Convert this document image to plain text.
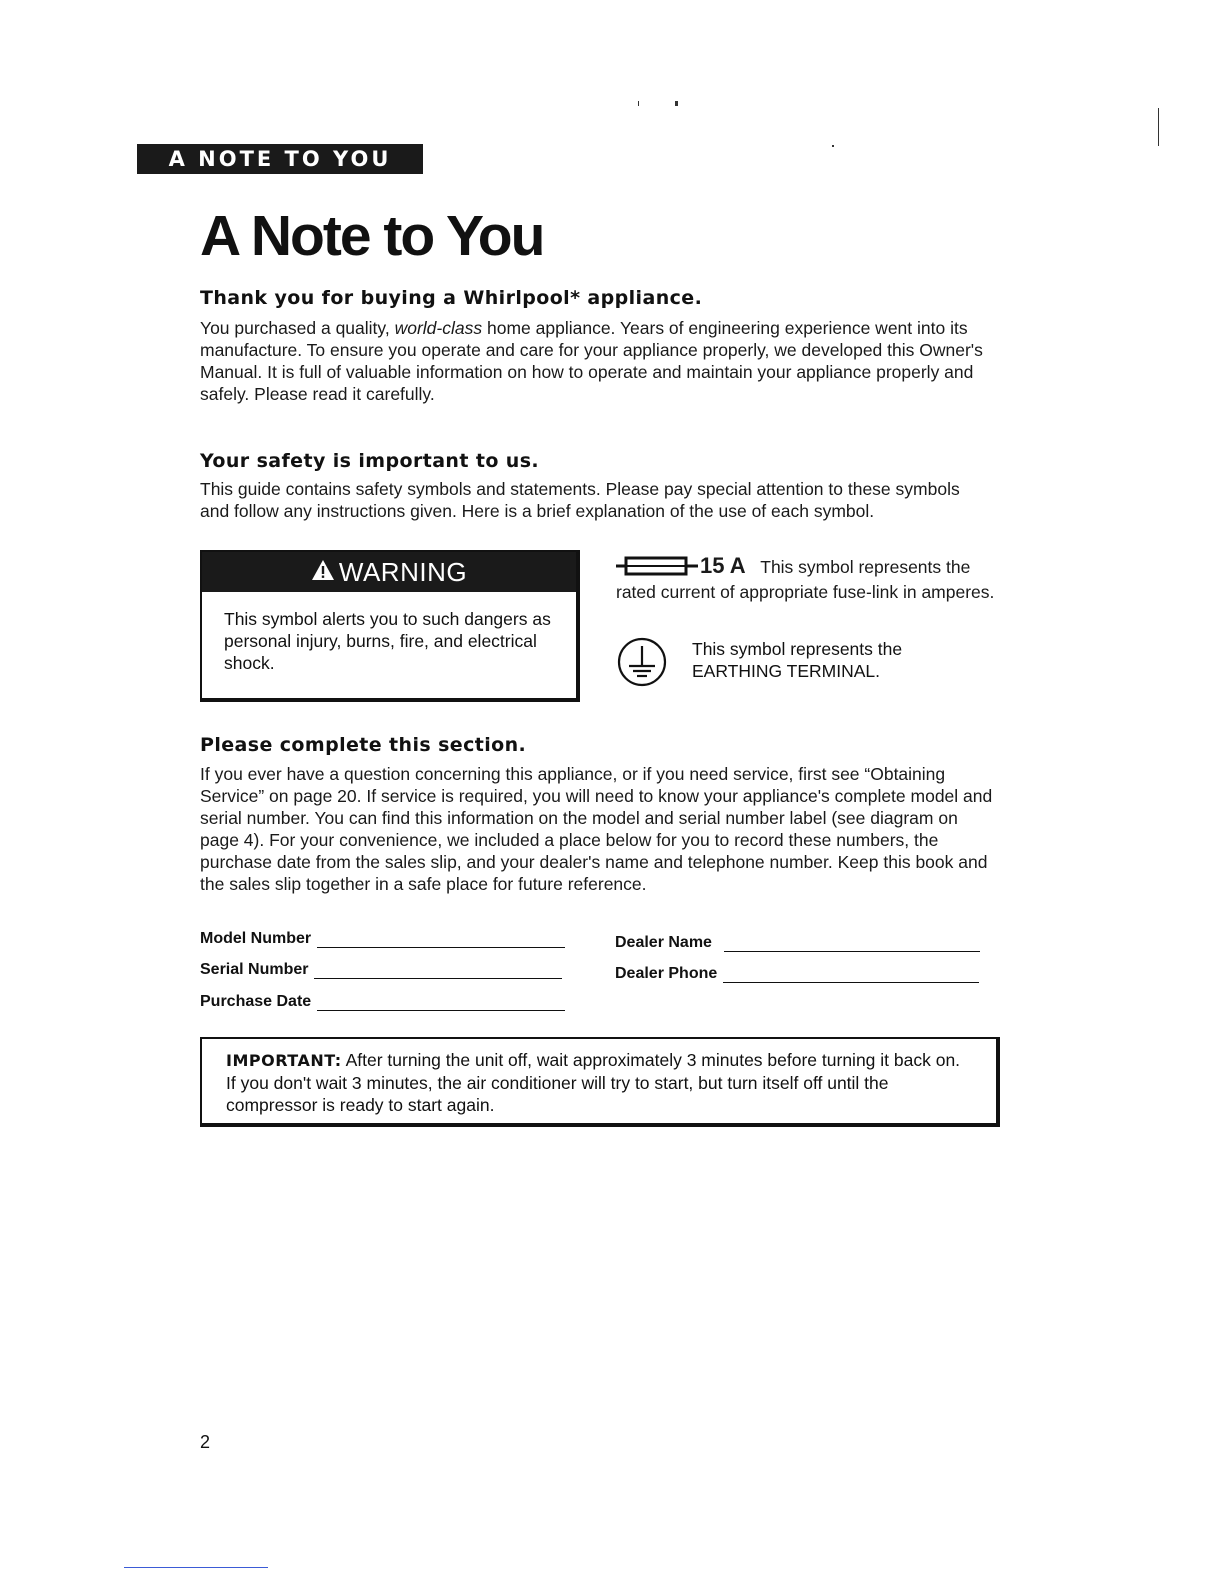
A NOTE TO YOU
A Note to You
Thank you for buying a Whirlpool* appliance.

You purchased a quality, world-class home appliance. Years of engineering experience went into its manufacture. To ensure you operate and care for your appliance properly, we developed this Owner's Manual. It is full of valuable information on how to operate and maintain your appliance properly and safely. Please read it carefully.

Your safety is important to us.

This guide contains safety symbols and statements. Please pay special attention to these symbols and follow any instructions given. Here is a brief explanation of the use of each symbol.

WARNING
This symbol alerts you to such dangers as personal injury, burns, fire, and electrical shock.

15 A This symbol represents the rated current of appropriate fuse-link in amperes.

This symbol represents the
EARTHING TERMINAL.
Please complete this section.

If you ever have a question concerning this appliance, or if you need service, first see “Obtaining Service” on page 20. If service is required, you will need to know your appliance's complete model and serial number. You can find this information on the model and serial number label (see diagram on page 4). For your convenience, we included a place below for you to record these numbers, the purchase date from the sales slip, and your dealer's name and telephone number. Keep this book and the sales slip together in a safe place for future reference.

Model Number
Serial Number
Purchase Date
Dealer Name
Dealer Phone
IMPORTANT: After turning the unit off, wait approximately 3 minutes before turning it back on. If you don't wait 3 minutes, the air conditioner will try to start, but turn itself off until the compressor is ready to start again.
2
